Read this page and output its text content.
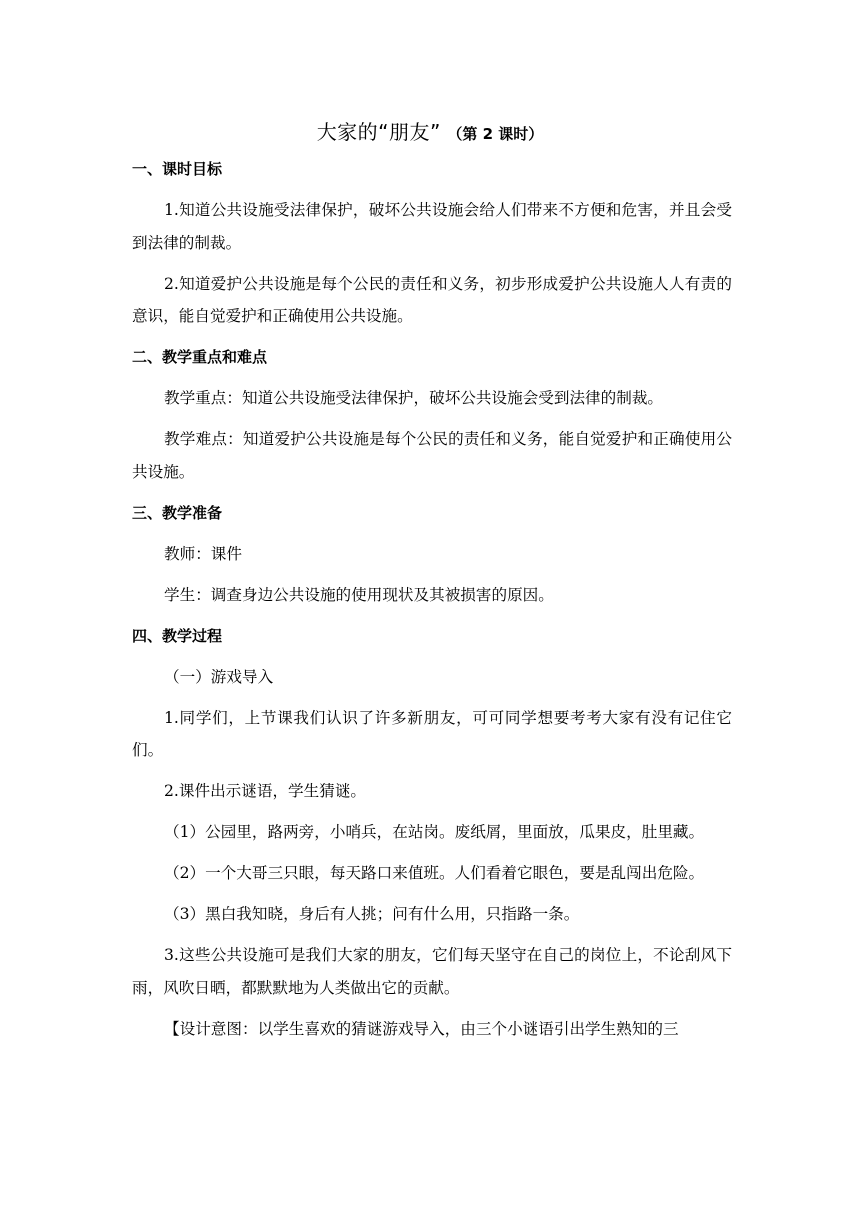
大家的“朋友” （第 2 课时）

一、课时目标

1.知道公共设施受法律保护，破坏公共设施会给人们带来不方便和危害，并且会受到法律的制裁。

2.知道爱护公共设施是每个公民的责任和义务，初步形成爱护公共设施人人有责的意识，能自觉爱护和正确使用公共设施。

二、教学重点和难点

教学重点：知道公共设施受法律保护，破坏公共设施会受到法律的制裁。

教学难点：知道爱护公共设施是每个公民的责任和义务，能自觉爱护和正确使用公共设施。

三、教学准备

教师：课件

学生：调查身边公共设施的使用现状及其被损害的原因。

四、教学过程

（一）游戏导入

1.同学们，上节课我们认识了许多新朋友，可可同学想要考考大家有没有记住它们。

2.课件出示谜语，学生猜谜。

（1）公园里，路两旁，小哨兵，在站岗。废纸屑，里面放，瓜果皮，肚里藏。

（2）一个大哥三只眼，每天路口来值班。人们看着它眼色，要是乱闯出危险。

（3）黑白我知晓，身后有人挑；问有什么用，只指路一条。

3.这些公共设施可是我们大家的朋友，它们每天坚守在自己的岗位上，不论刮风下雨，风吹日晒，都默默地为人类做出它的贡献。

【设计意图：以学生喜欢的猜谜游戏导入，由三个小谜语引出学生熟知的三
